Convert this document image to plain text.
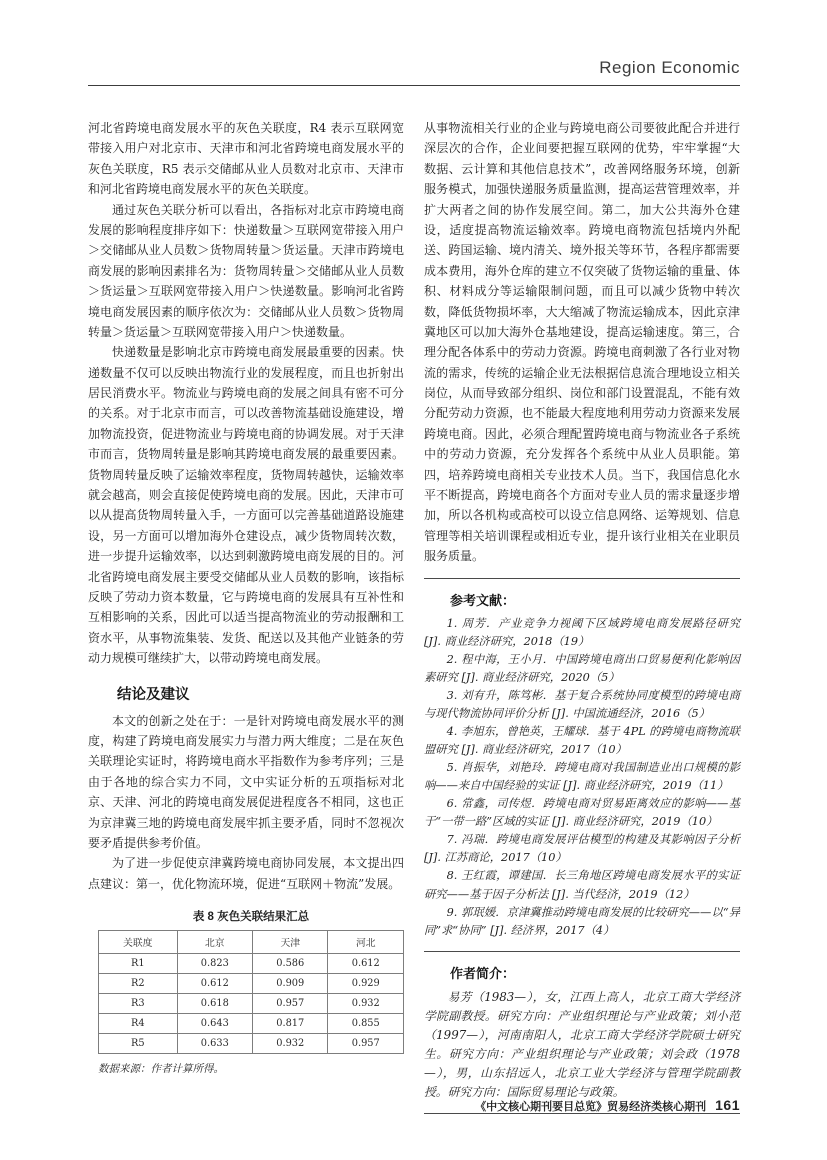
Region Economic

河北省跨境电商发展水平的灰色关联度，R4 表示互联网宽带接入用户对北京市、天津市和河北省跨境电商发展水平的灰色关联度，R5 表示交储邮从业人员数对北京市、天津市和河北省跨境电商发展水平的灰色关联度。

通过灰色关联分析可以看出，各指标对北京市跨境电商发展的影响程度排序如下：快递数量＞互联网宽带接入用户＞交储邮从业人员数＞货物周转量＞货运量。天津市跨境电商发展的影响因素排名为：货物周转量＞交储邮从业人员数＞货运量＞互联网宽带接入用户＞快递数量。影响河北省跨境电商发展因素的顺序依次为：交储邮从业人员数＞货物周转量＞货运量＞互联网宽带接入用户＞快递数量。

快递数量是影响北京市跨境电商发展最重要的因素。快递数量不仅可以反映出物流行业的发展程度，而且也折射出居民消费水平。物流业与跨境电商的发展之间具有密不可分的关系。对于北京市而言，可以改善物流基础设施建设，增加物流投资，促进物流业与跨境电商的协调发展。对于天津市而言，货物周转量是影响其跨境电商发展的最重要因素。货物周转量反映了运输效率程度，货物周转越快，运输效率就会越高，则会直接促使跨境电商的发展。因此，天津市可以从提高货物周转量入手，一方面可以完善基础道路设施建设，另一方面可以增加海外仓建设点，减少货物周转次数，进一步提升运输效率，以达到刺激跨境电商发展的目的。河北省跨境电商发展主要受交储邮从业人员数的影响，该指标反映了劳动力资本数量，它与跨境电商的发展具有互补性和互相影响的关系，因此可以适当提高物流业的劳动报酬和工资水平，从事物流集装、发货、配送以及其他产业链条的劳动力规模可继续扩大，以带动跨境电商发展。

结论及建议

本文的创新之处在于：一是针对跨境电商发展水平的测度，构建了跨境电商发展实力与潜力两大维度；二是在灰色关联理论实证时，将跨境电商水平指数作为参考序列；三是由于各地的综合实力不同，文中实证分析的五项指标对北京、天津、河北的跨境电商发展促进程度各不相同，这也正为京津冀三地的跨境电商发展牢抓主要矛盾，同时不忽视次要矛盾提供参考价值。

为了进一步促使京津冀跨境电商协同发展，本文提出四点建议：第一，优化物流环境，促进“互联网＋物流”发展。

表 8 灰色关联结果汇总
关联度	北京	天津	河北
R1	0.823	0.586	0.612
R2	0.612	0.909	0.929
R3	0.618	0.957	0.932
R4	0.643	0.817	0.855
R5	0.633	0.932	0.957
数据来源：作者计算所得。

从事物流相关行业的企业与跨境电商公司要彼此配合并进行深层次的合作，企业间要把握互联网的优势，牢牢掌握“大数据、云计算和其他信息技术”，改善网络服务环境，创新服务模式，加强快递服务质量监测，提高运营管理效率，并扩大两者之间的协作发展空间。第二，加大公共海外仓建设，适度提高物流运输效率。跨境电商物流包括境内外配送、跨国运输、境内清关、境外报关等环节，各程序都需要成本费用，海外仓库的建立不仅突破了货物运输的重量、体积、材料成分等运输限制问题，而且可以减少货物中转次数，降低货物损坏率，大大缩减了物流运输成本，因此京津冀地区可以加大海外仓基地建设，提高运输速度。第三，合理分配各体系中的劳动力资源。跨境电商刺激了各行业对物流的需求，传统的运输企业无法根据信息流合理地设立相关岗位，从而导致部分组织、岗位和部门设置混乱，不能有效分配劳动力资源，也不能最大程度地利用劳动力资源来发展跨境电商。因此，必须合理配置跨境电商与物流业各子系统中的劳动力资源，充分发挥各个系统中从业人员职能。第四，培养跨境电商相关专业技术人员。当下，我国信息化水平不断提高，跨境电商各个方面对专业人员的需求量逐步增加，所以各机构或高校可以设立信息网络、运筹规划、信息管理等相关培训课程或相近专业，提升该行业相关在业职员服务质量。

参考文献：

1. 周芳．产业竞争力视阈下区域跨境电商发展路径研究 [J]. 商业经济研究，2018（19）

2. 程中海，王小月．中国跨境电商出口贸易便利化影响因素研究 [J]. 商业经济研究，2020（5）

3. 刘有升，陈笃彬．基于复合系统协同度模型的跨境电商与现代物流协同评价分析 [J]. 中国流通经济，2016（5）

4. 李旭东，曾艳英，王耀球．基于 4PL 的跨境电商物流联盟研究 [J]. 商业经济研究，2017（10）

5. 肖振华，刘艳玲．跨境电商对我国制造业出口规模的影响——来自中国经验的实证 [J]. 商业经济研究，2019（11）

6. 常鑫，司传煜．跨境电商对贸易距离效应的影响——基于“一带一路”区域的实证 [J]. 商业经济研究，2019（10）

7. 冯瑞．跨境电商发展评估模型的构建及其影响因子分析 [J]. 江苏商论，2017（10）

8. 王红霞，谭建国．长三角地区跨境电商发展水平的实证研究——基于因子分析法 [J]. 当代经济，2019（12）

9. 郭珉媛．京津冀推动跨境电商发展的比较研究——以“异同”求“协同” [J]. 经济界，2017（4）

作者简介：

易芳（1983—），女，江西上高人，北京工商大学经济学院副教授。研究方向：产业组织理论与产业政策；刘小范（1997—），河南南阳人，北京工商大学经济学院硕士研究生。研究方向：产业组织理论与产业政策；刘会政（1978—），男，山东招远人，北京工业大学经济与管理学院副教授。研究方向：国际贸易理论与政策。

《中文核心期刊要目总览》贸易经济类核心期刊 161
